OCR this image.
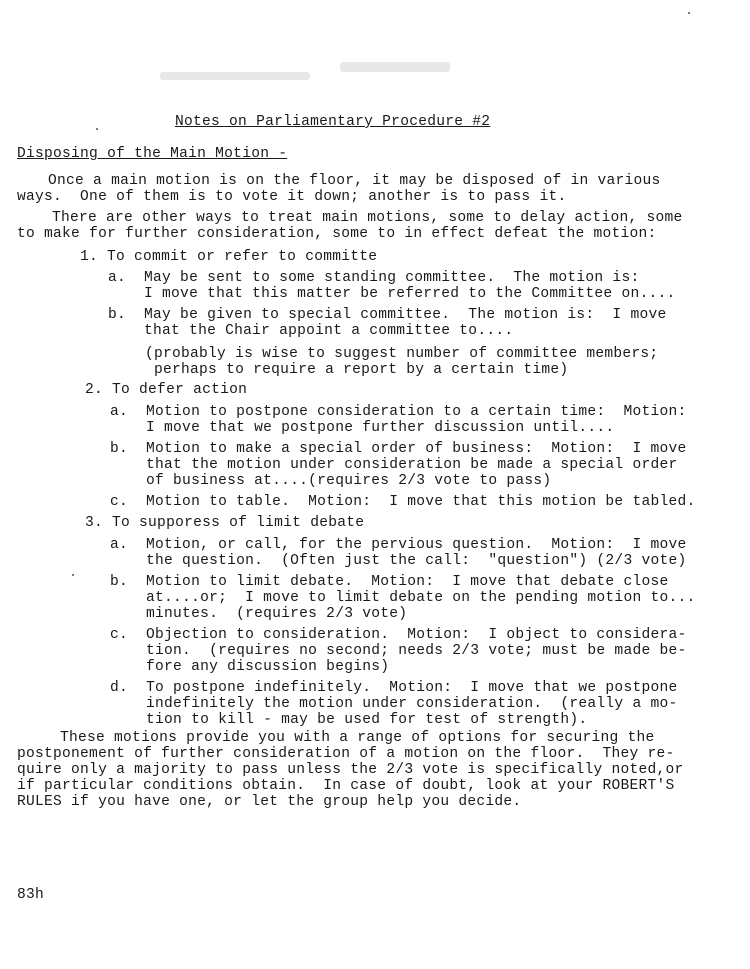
Notes on Parliamentary Procedure #2
Disposing of the Main Motion -
Once a main motion is on the floor, it may be disposed of in various
ways.  One of them is to vote it down; another is to pass it.
There are other ways to treat main motions, some to delay action, some
to make for further consideration, some to in effect defeat the motion:
1. To commit or refer to committe
a.  May be sent to some standing committee.  The motion is:
I move that this matter be referred to the Committee on....
b.  May be given to special committee.  The motion is:  I move
that the Chair appoint a committee to....
(probably is wise to suggest number of committee members;
perhaps to require a report by a certain time)
2. To defer action
a.  Motion to postpone consideration to a certain time:  Motion:
I move that we postpone further discussion until....
b.  Motion to make a special order of business:  Motion:  I move
that the motion under consideration be made a special order
of business at....(requires 2/3 vote to pass)
c.  Motion to table.  Motion:  I move that this motion be tabled.
3. To supporess of limit debate
a.  Motion, or call, for the pervious question.  Motion:  I move
the question.  (Often just the call:  "question") (2/3 vote)
b.  Motion to limit debate.  Motion:  I move that debate close
at....or;  I move to limit debate on the pending motion to...
minutes.  (requires 2/3 vote)
c.  Objection to consideration.  Motion:  I object to considera-
tion.  (requires no second; needs 2/3 vote; must be made be-
fore any discussion begins)
d.  To postpone indefinitely.  Motion:  I move that we postpone
indefinitely the motion under consideration.  (really a mo-
tion to kill - may be used for test of strength).
These motions provide you with a range of options for securing the
postponement of further consideration of a motion on the floor.  They re-
quire only a majority to pass unless the 2/3 vote is specifically noted,or
if particular conditions obtain.  In case of doubt, look at your ROBERT'S
RULES if you have one, or let the group help you decide.
83h
